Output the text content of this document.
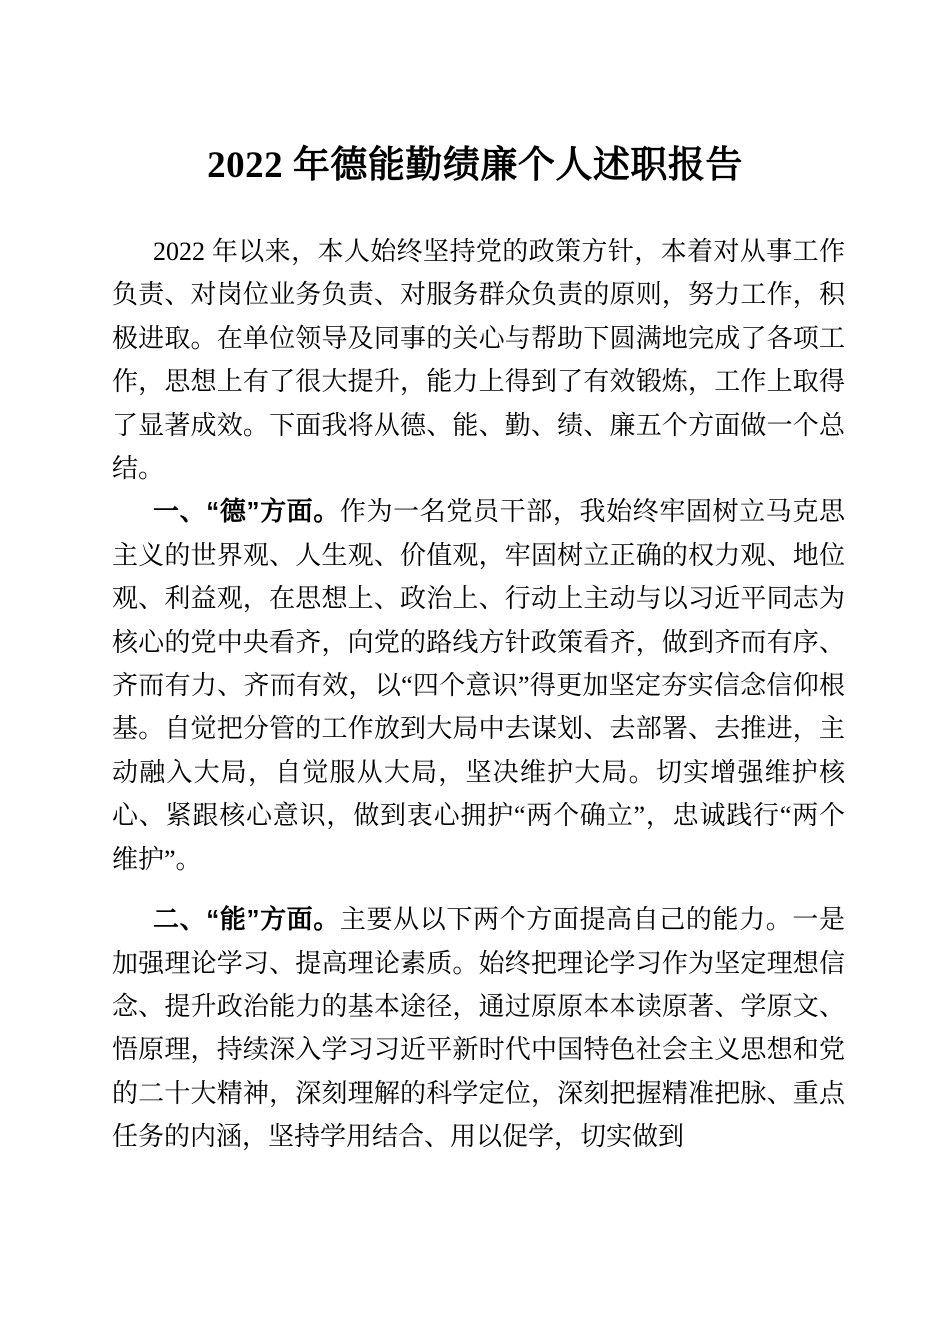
2022 年德能勤绩廉个人述职报告

2022 年以来，本人始终坚持党的政策方针，本着对从事工作负责、对岗位业务负责、对服务群众负责的原则，努力工作，积极进取。在单位领导及同事的关心与帮助下圆满地完成了各项工作，思想上有了很大提升，能力上得到了有效锻炼，工作上取得了显著成效。下面我将从德、能、勤、绩、廉五个方面做一个总结。

一、“德”方面。作为一名党员干部，我始终牢固树立马克思主义的世界观、人生观、价值观，牢固树立正确的权力观、地位观、利益观，在思想上、政治上、行动上主动与以习近平同志为核心的党中央看齐，向党的路线方针政策看齐，做到齐而有序、齐而有力、齐而有效，以“四个意识”得更加坚定夯实信念信仰根基。自觉把分管的工作放到大局中去谋划、去部署、去推进，主动融入大局，自觉服从大局，坚决维护大局。切实增强维护核心、紧跟核心意识，做到衷心拥护“两个确立”，忠诚践行“两个维护”。

二、“能”方面。主要从以下两个方面提高自己的能力。一是加强理论学习、提高理论素质。始终把理论学习作为坚定理想信念、提升政治能力的基本途径，通过原原本本读原著、学原文、悟原理，持续深入学习习近平新时代中国特色社会主义思想和党的二十大精神，深刻理解的科学定位，深刻把握精准把脉、重点任务的内涵，坚持学用结合、用以促学，切实做到
